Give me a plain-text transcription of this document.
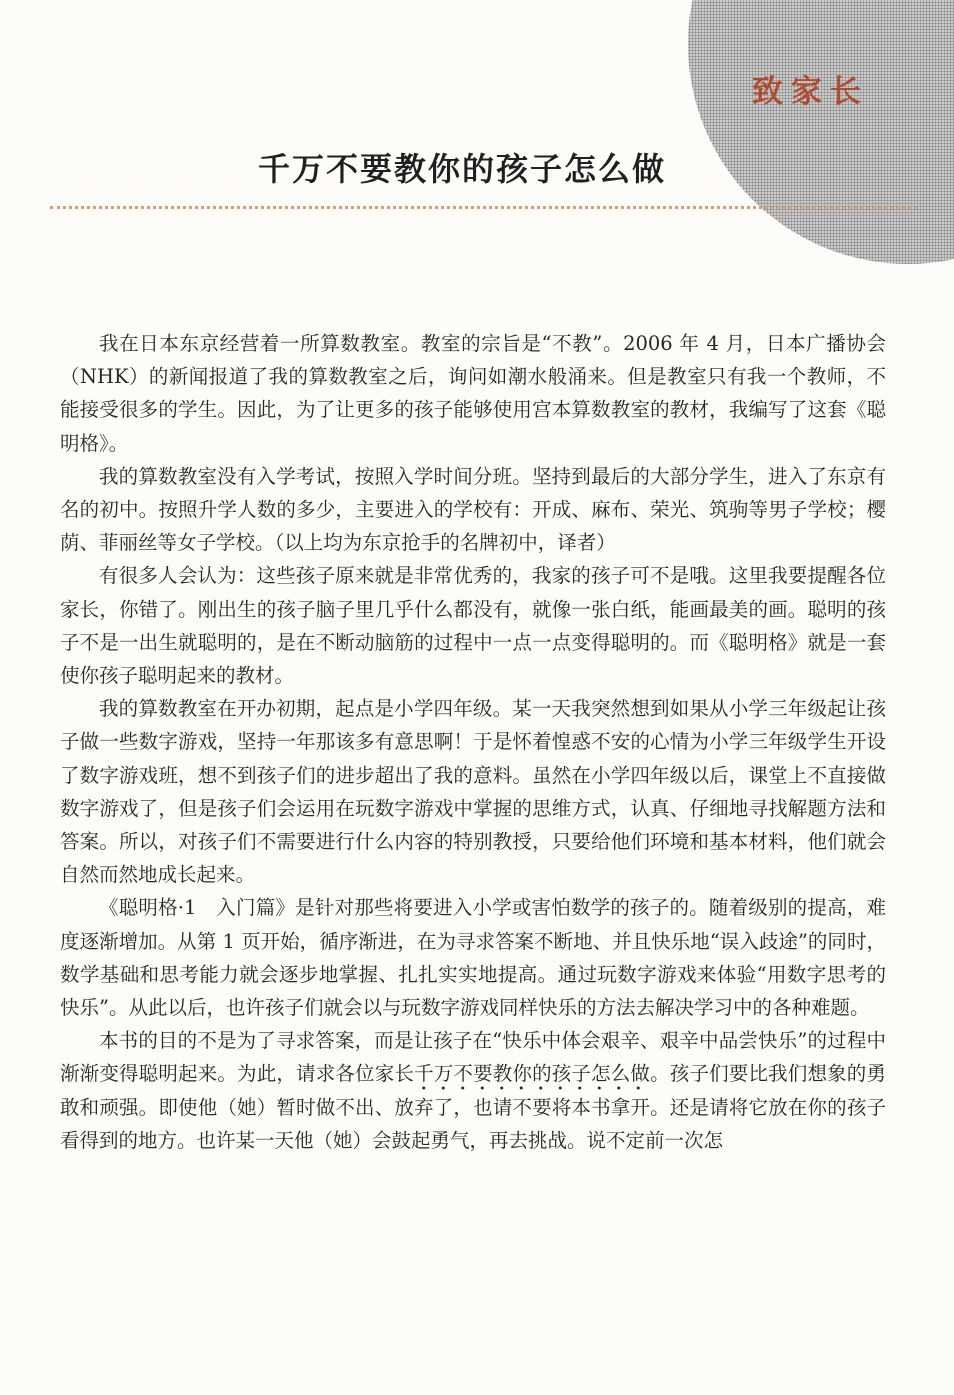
致家长
千万不要教你的孩子怎么做

我在日本东京经营着一所算数教室。教室的宗旨是“不教”。2006 年 4 月，日本广播协会（NHK）的新闻报道了我的算数教室之后，询问如潮水般涌来。但是教室只有我一个教师，不能接受很多的学生。因此，为了让更多的孩子能够使用宫本算数教室的教材，我编写了这套《聪明格》。

我的算数教室没有入学考试，按照入学时间分班。坚持到最后的大部分学生，进入了东京有名的初中。按照升学人数的多少，主要进入的学校有：开成、麻布、荣光、筑驹等男子学校；樱荫、菲丽丝等女子学校。（以上均为东京抢手的名牌初中，译者）

有很多人会认为：这些孩子原来就是非常优秀的，我家的孩子可不是哦。这里我要提醒各位家长，你错了。刚出生的孩子脑子里几乎什么都没有，就像一张白纸，能画最美的画。聪明的孩子不是一出生就聪明的，是在不断动脑筋的过程中一点一点变得聪明的。而《聪明格》就是一套使你孩子聪明起来的教材。

我的算数教室在开办初期，起点是小学四年级。某一天我突然想到如果从小学三年级起让孩子做一些数字游戏，坚持一年那该多有意思啊！于是怀着惶惑不安的心情为小学三年级学生开设了数字游戏班，想不到孩子们的进步超出了我的意料。虽然在小学四年级以后，课堂上不直接做数字游戏了，但是孩子们会运用在玩数字游戏中掌握的思维方式，认真、仔细地寻找解题方法和答案。所以，对孩子们不需要进行什么内容的特别教授，只要给他们环境和基本材料，他们就会自然而然地成长起来。

《聪明格·1　入门篇》是针对那些将要进入小学或害怕数学的孩子的。随着级别的提高，难度逐渐增加。从第 1 页开始，循序渐进，在为寻求答案不断地、并且快乐地“误入歧途”的同时，数学基础和思考能力就会逐步地掌握、扎扎实实地提高。通过玩数字游戏来体验“用数字思考的快乐”。从此以后，也许孩子们就会以与玩数字游戏同样快乐的方法去解决学习中的各种难题。

本书的目的不是为了寻求答案，而是让孩子在“快乐中体会艰辛、艰辛中品尝快乐”的过程中渐渐变得聪明起来。为此，请求各位家长千万不要教你的孩子怎么做。孩子们要比我们想象的勇敢和顽强。即使他（她）暂时做不出、放弃了，也请不要将本书拿开。还是请将它放在你的孩子看得到的地方。也许某一天他（她）会鼓起勇气，再去挑战。说不定前一次怎
